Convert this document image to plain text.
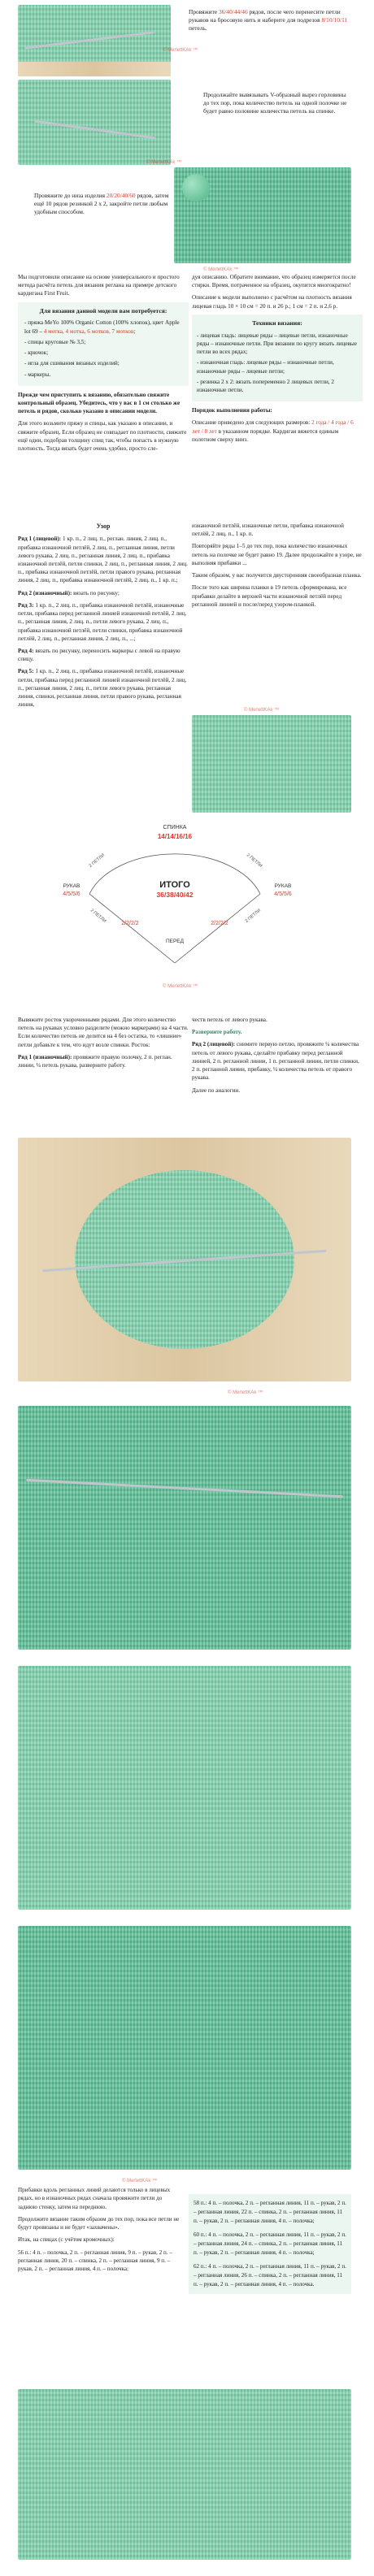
Провяжите 36/40/44/46 рядов, после чего перенесите петли рукавов на бросовую нить и наберите для подрезов 8/10/10/11 петель.
© MerlettKAk ™
Продолжайте вывязывать V-образный вырез горловины до тех пор, пока количество петель на одной полочке не будет равно половине количества петель на спинке.
© MerlettKAk ™
Провяжите до низа изделия 20/20/40/60 рядов, затем ещё 10 рядов резинкой 2 х 2, закройте петли любым удобным способом.
© MerlettKAk ™

Мы подготовили описание на основе универсального и простого метода расчёта петель для вязания реглана на примере детского кардигана First Fruit.

Для вязания данной модели вам потребуется:
- пряжа MeYo 100% Organic Cotton (100% хлопок), цвет Apple lot 69 – 4 мотка, 4 мотка, 6 мотков, 7 мотков;
- спицы круговые № 3,5;
- крючок;
- игла для сшивания вязаных изделий;
- маркеры.

Прежде чем приступить к вязанию, обязательно свяжите контрольный образец. Убедитесь, что у вас в 1 см столько же петель и рядов, сколько указано в описании модели.

Для этого возьмите пряжу и спицы, как указано в описании, и свяжите образец. Если образец не совпадает по плотности, свяжите ещё один, подобрав толщину спиц так, чтобы попасть в нужную плотность. Тогда вязать будет очень удобно, просто сле-

дуя описанию. Обратите внимание, что образец измеряется после стирки. Время, потраченное на образец, окупится многократно!

Описание к модели выполнено с расчётом на плотность вязания лицевая гладь 10 × 10 см = 20 п. и 26 р.; 1 см = 2 п. и 2,6 р.

Техники вязания:
- лицевая гладь: лицевые ряды – лицевые петли, изнаночные ряды – изнаночные петли. При вязании по кругу вязать лицевые петли во всех рядах;
- изнаночная гладь: лицевые ряды – изнаночные петли, изнаночные ряды – лицевые петли;
- резинка 2 х 2: вязать попеременно 2 лицевых петли, 2 изнаночные петли.

Порядок выполнения работы:

Описание приведено для следующих размеров: 2 года / 4 года / 6 лет / 8 лет в указанном порядке. Кардиган вяжется единым полотном сверху вниз.

Узор

Ряд 1 (лицевой): 1 кр. п., 2 лиц. п., реглан. линия, 2 лиц. п., прибавка изнаночной петлёй, 2 лиц. п., регланная линия, петли левого рукава, 2 лиц. п., регланная линия, 2 лиц. п., прибавка изнаночной петлёй, петли спинки, 2 лиц. п., регланная линия, 2 лиц. п., прибавка изнаночной петлёй, петли правого рукава, регланная линия, 2 лиц. п., прибавка изнаночной петлёй, 2 лиц. п., 1 кр. п.;

Ряд 2 (изнаночный): вязать по рисунку;

Ряд 3: 1 кр. п., 2 лиц. п., прибавка изнаночной петлёй, изнаночные петли, прибавка перед регланной линией изнаночной петлёй, 2 лиц. п., регланная линия, 2 лиц. п., петли левого рукава, 2 лиц. п., прибавка изнаночной петлёй, петли спинки, прибавка изнаночной петлёй, 2 лиц. п., регланная линия, 2 лиц. п., ...;

Ряд 4: вязать по рисунку, переносить маркеры с левой на правую спицу.

Ряд 5: 1 кр. п., 2 лиц. п., прибавка изнаночной петлёй, изнаночные петли, прибавка перед регланной линией изнаночной петлёй, 2 лиц. п., регланная линия, 2 лиц. п., петли левого рукава, регланная линия, спинки, регланная линия, петли правого рукава, регланная линия,

изнаночной петлёй, изнаночные петли, прибавка изнаночной петлёй, 2 лиц. п., 1 кр. п.

Повторяйте ряды 1–5 до тех пор, пока количество изнаночных петель на полочке не будет равно 19. Далее продолжайте в узоре, не выполняя прибавки ...

Таким образом, у вас получится двусторонняя своеобразная планка.

После того как ширина планки в 19 петель сформирована, все прибавки делайте в верхней части изнаночной петлёй перед регланной линией и после/перед узором-планкой.

© MerlettKAk ™
СПИНКА
14/14/16/16
ИТОГО
36/38/40/42
РУКАВ
4/5/5/6
РУКАВ
4/5/5/6
2/2/2/2	2/2/2/2
ПЕРЕД
2 ПЕТЛИ	2 ПЕТЛИ
2 ПЕТЛИ	2 ПЕТЛИ
© MerlettKAk ™

Вывяжите росток укороченными рядами. Для этого количество петель на рукавах условно разделите (можно маркерами) на 4 части. Если количество петель не делится на 4 без остатка, то «лишние» петли добавьте к тем, что идут возле спинки. Росток:

Ряд 1 (изнаночный): провяжите правую полочку, 2 п. реглан. линии, ¼ петель рукава, разверните работу.

честв петель от левого рукава.

Разверните работу.

Ряд 2 (лицевой): снимите первую петлю, провяжите ¼ количества петель от левого рукава, сделайте прибавку перед регланной линией, 2 п. регланной линии, 1 п. регланной линии, петли спинки, 2 п. регланной линии, прибавку, ¼ количества петель от правого рукава.

Далее по аналогии.

© MerlettKAk ™

Прибавки вдоль регланных линий делаются только в лицевых рядах, но в изнаночных рядах сначала провяжите петли до заднюю стенку, затем на переднюю.

Продолжите вязание таким образом до тех пор, пока все петли не будут провязаны и не будет «захвачены».

Итак, на спицах (с учётом кромочных):

56 п.: 4 п. – полочка, 2 п. – регланная линия, 9 п. – рукав, 2 п. – регланная линия, 20 п. – спинка, 2 п. – регланная линия, 9 п. – рукав, 2 п. – регланная линия, 4 п. – полочка;

58 п.: 4 п. – полочка, 2 п. – регланная линия, 11 п. – рукав, 2 п. – регланная линия, 22 п. – спинка, 2 п. – регланная линия, 11 п. – рукав, 2 п. – регланная линия, 4 п. – полочка;

60 п.: 4 п. – полочка, 2 п. – регланная линия, 11 п. – рукав, 2 п. – регланная линия, 24 п. – спинка, 2 п. – регланная линия, 11 п. – рукав, 2 п. – регланная линия, 4 п. – полочка;

62 п.: 4 п. – полочка, 2 п. – регланная линия, 11 п. – рукав, 2 п. – регланная линия, 26 п. – спинка, 2 п. – регланная линия, 11 п. – рукав, 2 п. – регланная линия, 4 п. – полочка.

© MerlettKAk ™
